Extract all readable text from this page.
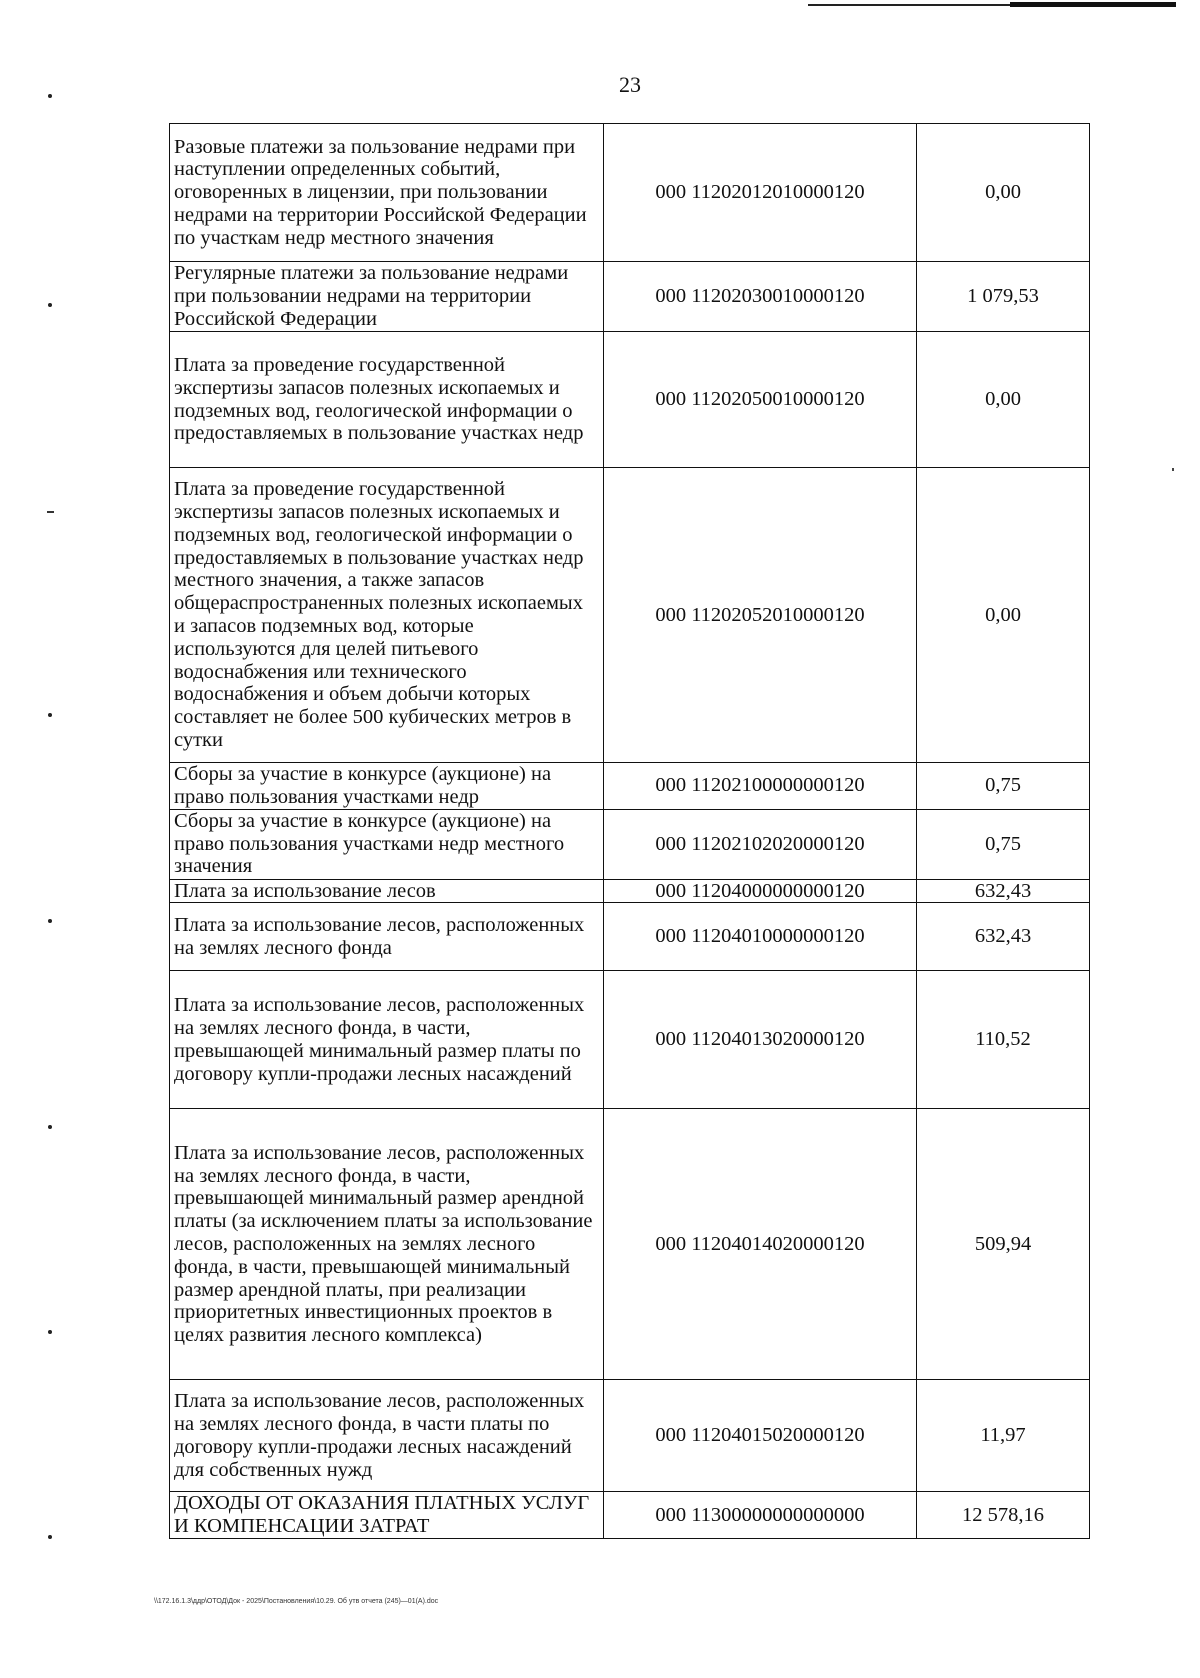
23
Разовые платежи за пользование недрами при наступлении определенных событий, оговоренных в лицензии, при пользовании недрами на территории Российской Федерации по участкам недр местного значения	000 11202012010000120	0,00
Регулярные платежи за пользование недрами при пользовании недрами на территории Российской Федерации	000 11202030010000120	1 079,53
Плата за проведение государственной экспертизы запасов полезных ископаемых и подземных вод, геологической информации о предоставляемых в пользование участках недр	000 11202050010000120	0,00
Плата за проведение государственной экспертизы запасов полезных ископаемых и подземных вод, геологической информации о предоставляемых в пользование участках недр местного значения, а также запасов общераспространенных полезных ископаемых и запасов подземных вод, которые используются для целей питьевого водоснабжения или технического водоснабжения и объем добычи которых составляет не более 500 кубических метров в сутки	000 11202052010000120	0,00
Сборы за участие в конкурсе (аукционе) на право пользования участками недр	000 11202100000000120	0,75
Сборы за участие в конкурсе (аукционе) на право пользования участками недр местного значения	000 11202102020000120	0,75
Плата за использование лесов	000 11204000000000120	632,43
Плата за использование лесов, расположенных на землях лесного фонда	000 11204010000000120	632,43
Плата за использование лесов, расположенных на землях лесного фонда, в части, превышающей минимальный размер платы по договору купли-продажи лесных насаждений	000 11204013020000120	110,52
Плата за использование лесов, расположенных на землях лесного фонда, в части, превышающей минимальный размер арендной платы (за исключением платы за использование лесов, расположенных на землях лесного фонда, в части, превышающей минимальный размер арендной платы, при реализации приоритетных инвестиционных проектов в целях развития лесного комплекса)	000 11204014020000120	509,94
Плата за использование лесов, расположенных на землях лесного фонда, в части платы по договору купли-продажи лесных насаждений для собственных нужд	000 11204015020000120	11,97
ДОХОДЫ ОТ ОКАЗАНИЯ ПЛАТНЫХ УСЛУГ И КОМПЕНСАЦИИ ЗАТРАТ	000 11300000000000000	12 578,16
\\172.16.1.3\ддр\ОТОД\Док - 2025\Постановления\10.29. Об утв отчета (245)—01(А).doc
